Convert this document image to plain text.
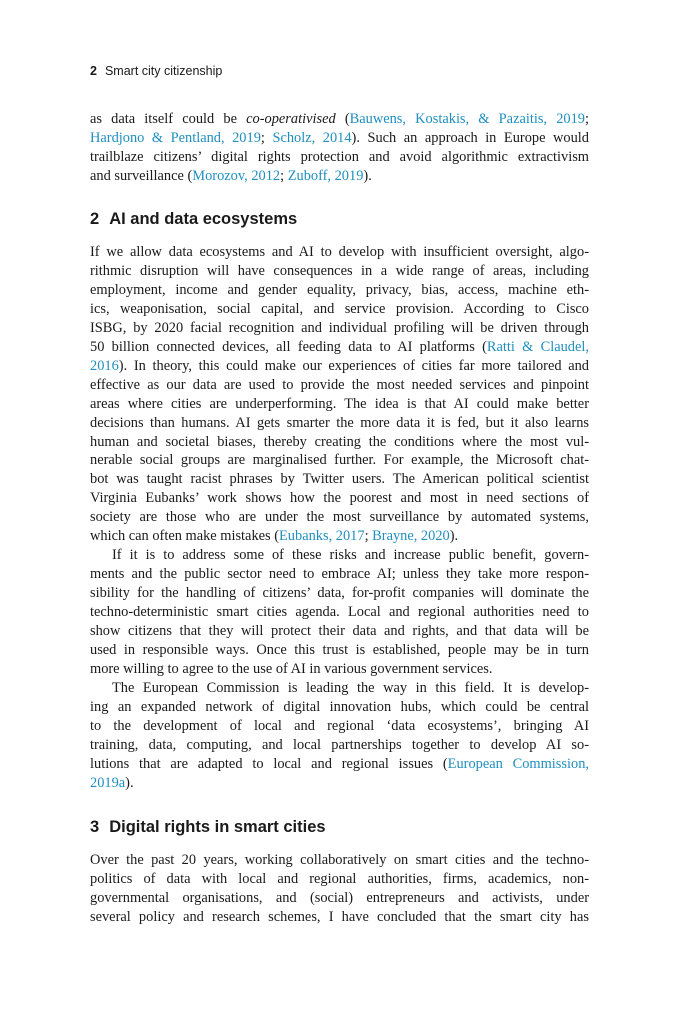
2 Smart city citizenship

as data itself could be co-operativised (Bauwens, Kostakis, & Pazaitis, 2019;
Hardjono & Pentland, 2019; Scholz, 2014). Such an approach in Europe would
trailblaze citizens’ digital rights protection and avoid algorithmic extractivism
and surveillance (Morozov, 2012; Zuboff, 2019).

2 AI and data ecosystems

If we allow data ecosystems and AI to develop with insufficient oversight, algo-
rithmic disruption will have consequences in a wide range of areas, including
employment, income and gender equality, privacy, bias, access, machine eth-
ics, weaponisation, social capital, and service provision. According to Cisco
ISBG, by 2020 facial recognition and individual profiling will be driven through
50 billion connected devices, all feeding data to AI platforms (Ratti & Claudel,
2016). In theory, this could make our experiences of cities far more tailored and
effective as our data are used to provide the most needed services and pinpoint
areas where cities are underperforming. The idea is that AI could make better
decisions than humans. AI gets smarter the more data it is fed, but it also learns
human and societal biases, thereby creating the conditions where the most vul-
nerable social groups are marginalised further. For example, the Microsoft chat-
bot was taught racist phrases by Twitter users. The American political scientist
Virginia Eubanks’ work shows how the poorest and most in need sections of
society are those who are under the most surveillance by automated systems,
which can often make mistakes (Eubanks, 2017; Brayne, 2020).

If it is to address some of these risks and increase public benefit, govern-
ments and the public sector need to embrace AI; unless they take more respon-
sibility for the handling of citizens’ data, for-profit companies will dominate the
techno-deterministic smart cities agenda. Local and regional authorities need to
show citizens that they will protect their data and rights, and that data will be
used in responsible ways. Once this trust is established, people may be in turn
more willing to agree to the use of AI in various government services.

The European Commission is leading the way in this field. It is develop-
ing an expanded network of digital innovation hubs, which could be central
to the development of local and regional ‘data ecosystems’, bringing AI
training, data, computing, and local partnerships together to develop AI so-
lutions that are adapted to local and regional issues (European Commission,
2019a).

3 Digital rights in smart cities

Over the past 20 years, working collaboratively on smart cities and the techno-
politics of data with local and regional authorities, firms, academics, non-
governmental organisations, and (social) entrepreneurs and activists, under
several policy and research schemes, I have concluded that the smart city has
